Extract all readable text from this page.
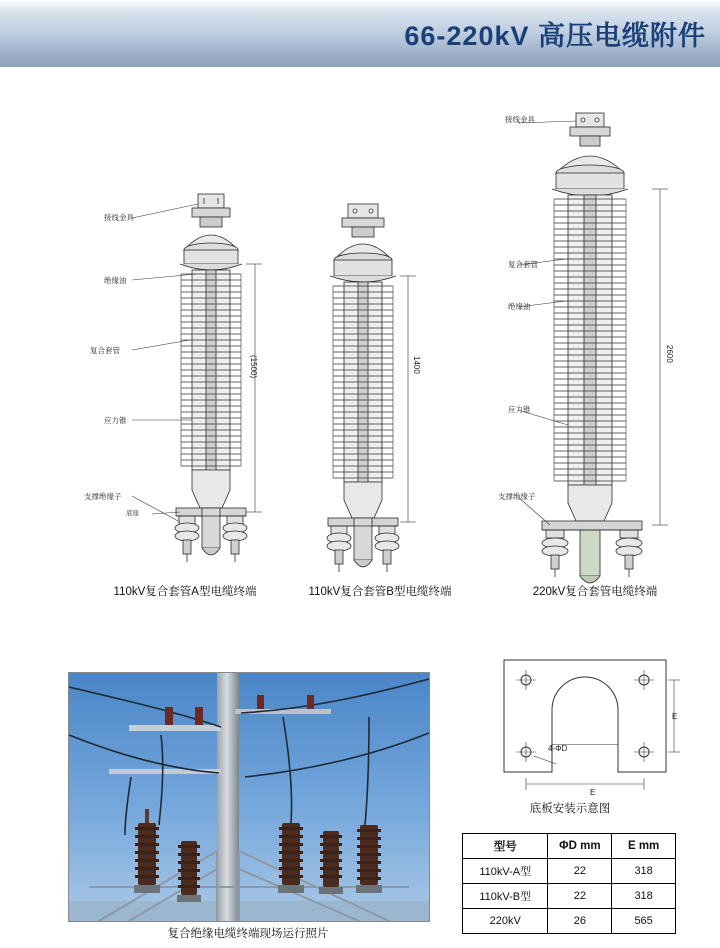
66-220kV 高压电缆附件
接线金具
绝缘油
复合套管
应力锥
支撑绝缘子
底座
(1500)
110kV复合套管A型电缆终端
1400
110kV复合套管B型电缆终端
接线金具
复合套管
绝缘油
应力锥
支撑绝缘子
2600
220kV复合套管电缆终端
复合绝缘电缆终端现场运行照片
E
E
4-ΦD
底板安装示意图
型号	ΦD mm	E mm
110kV-A型	22	318
110kV-B型	22	318
220kV	26	565
